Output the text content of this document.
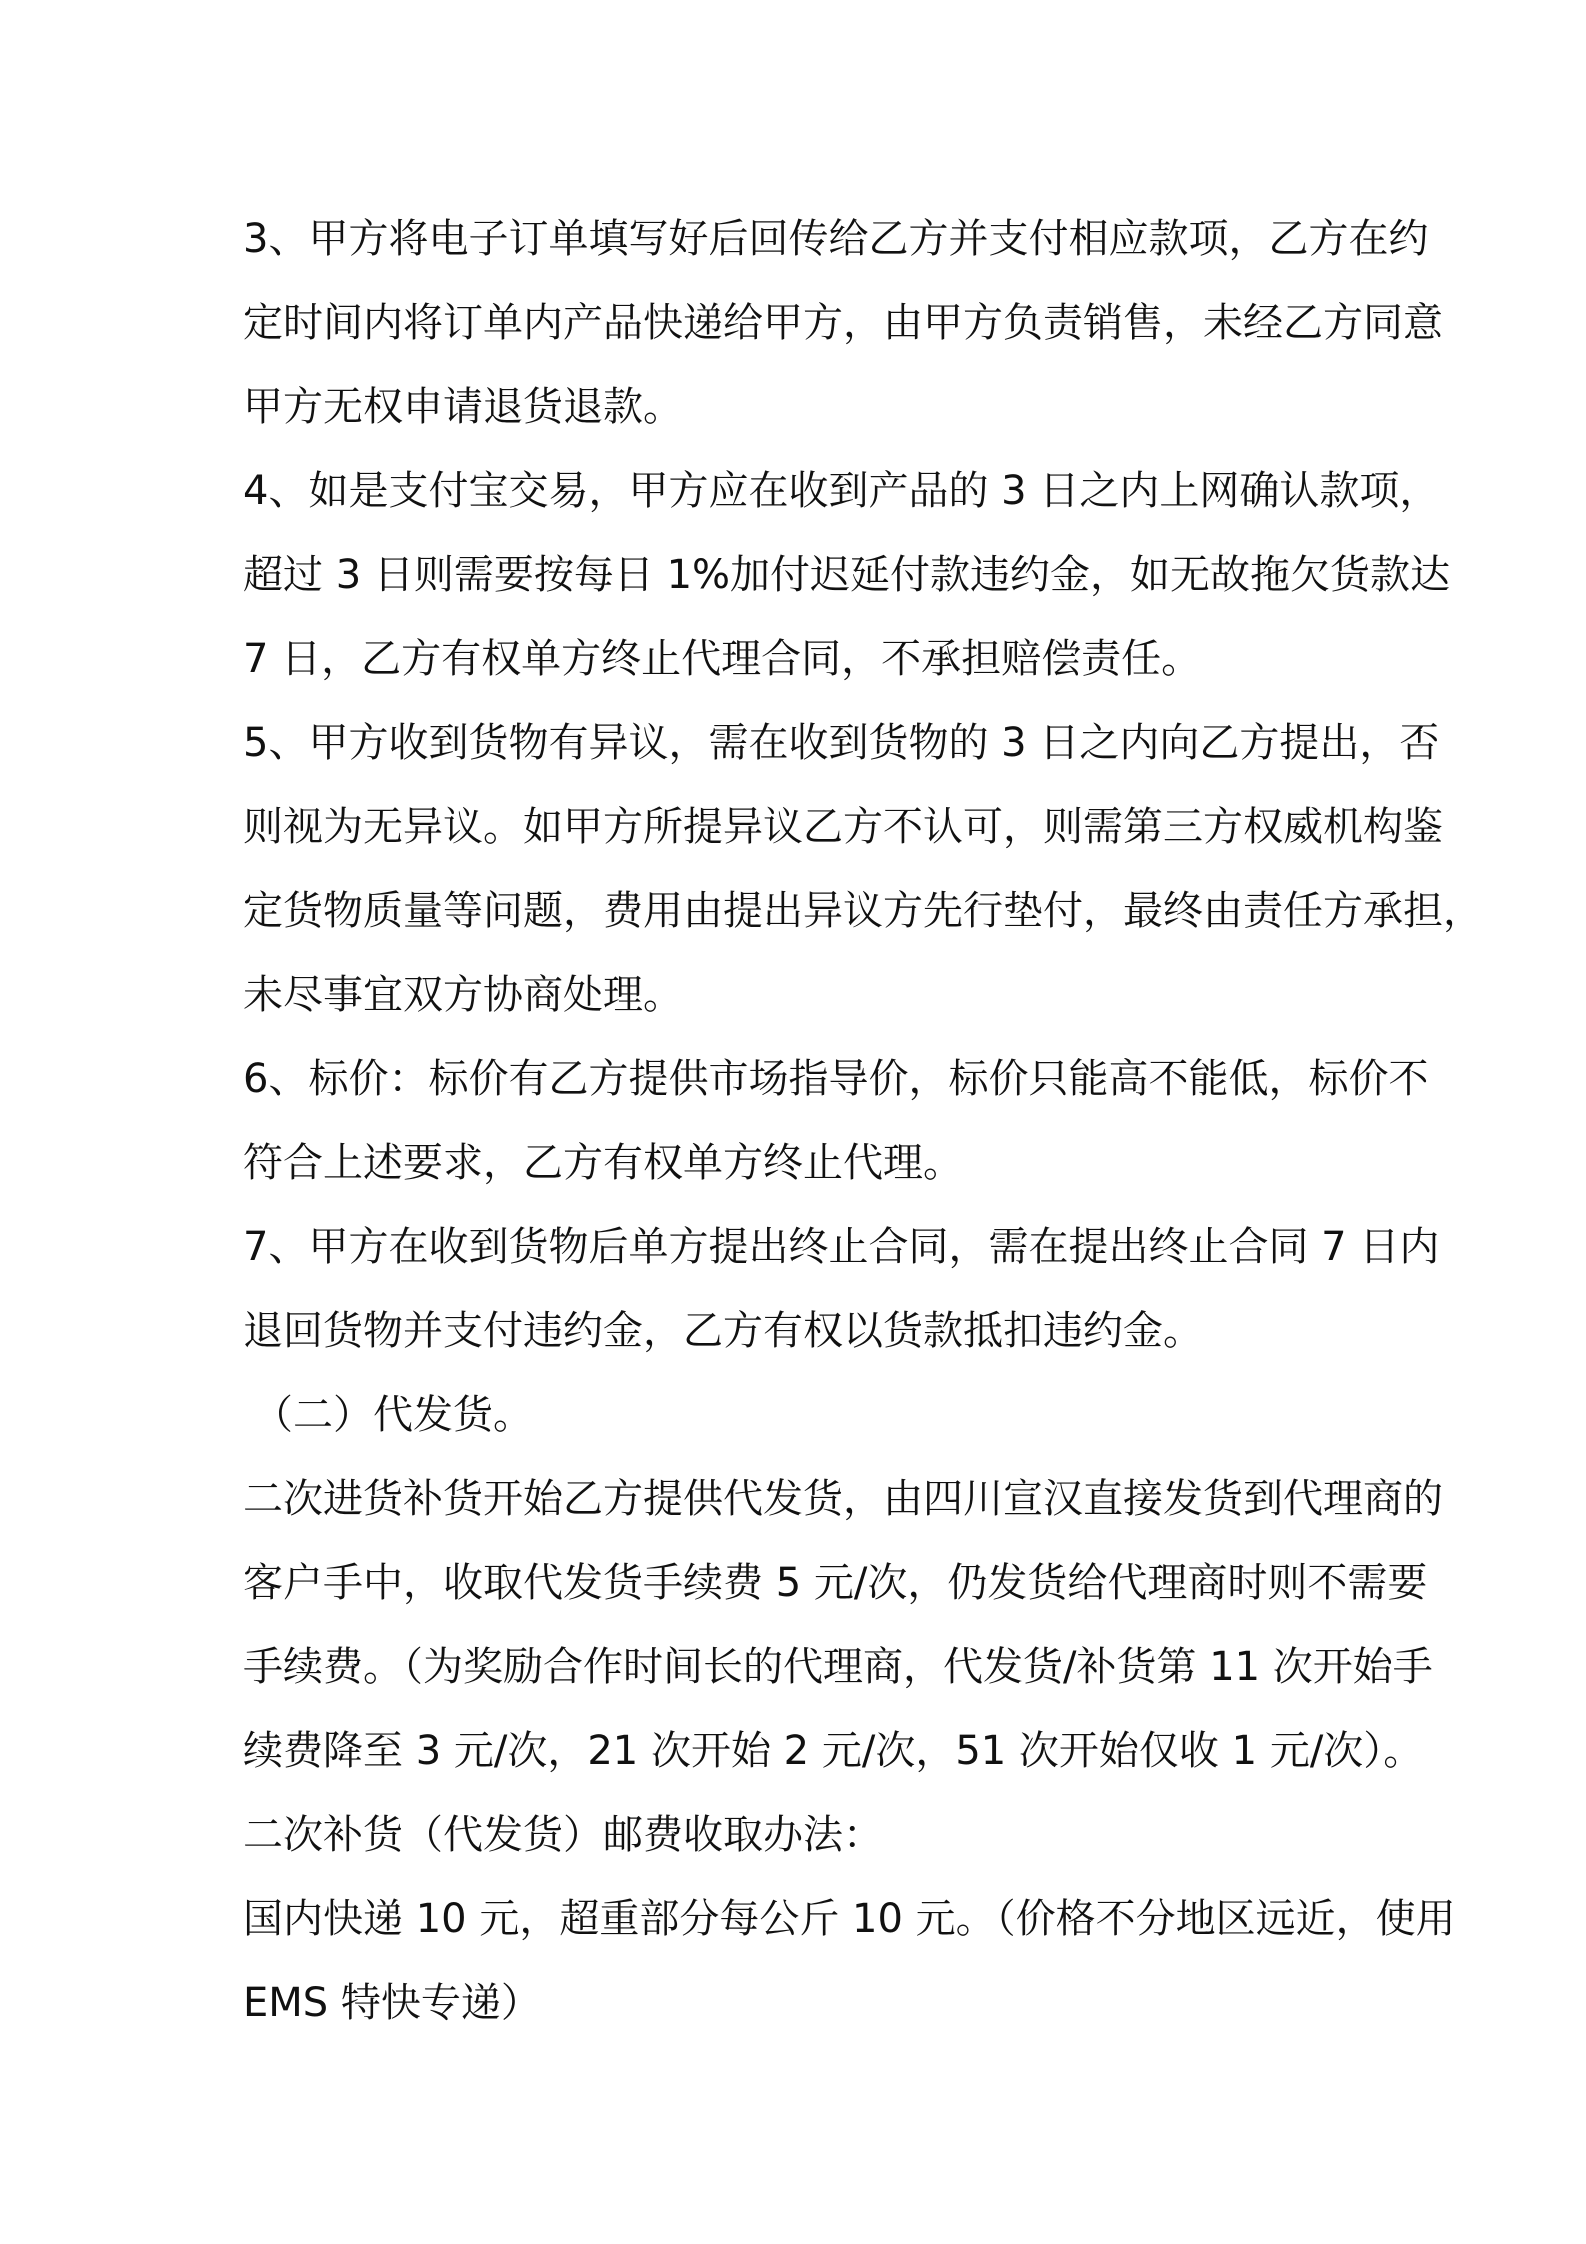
3、甲方将电子订单填写好后回传给乙方并支付相应款项，乙方在约
定时间内将订单内产品快递给甲方，由甲方负责销售，未经乙方同意
甲方无权申请退货退款。
4、如是支付宝交易，甲方应在收到产品的 3 日之内上网确认款项，
超过 3 日则需要按每日 1%加付迟延付款违约金，如无故拖欠货款达
7 日，乙方有权单方终止代理合同，不承担赔偿责任。
5、甲方收到货物有异议，需在收到货物的 3 日之内向乙方提出，否
则视为无异议。如甲方所提异议乙方不认可，则需第三方权威机构鉴
定货物质量等问题，费用由提出异议方先行垫付，最终由责任方承担，
未尽事宜双方协商处理。
6、标价：标价有乙方提供市场指导价，标价只能高不能低，标价不
符合上述要求，乙方有权单方终止代理。
7、甲方在收到货物后单方提出终止合同，需在提出终止合同 7 日内
退回货物并支付违约金，乙方有权以货款抵扣违约金。
（二）代发货。
二次进货补货开始乙方提供代发货，由四川宣汉直接发货到代理商的
客户手中，收取代发货手续费 5 元/次，仍发货给代理商时则不需要
手续费。（为奖励合作时间长的代理商，代发货/补货第 11 次开始手
续费降至 3 元/次，21 次开始 2 元/次，51 次开始仅收 1 元/次）。
二次补货（代发货）邮费收取办法：
国内快递 10 元，超重部分每公斤 10 元。（价格不分地区远近，使用
EMS 特快专递）
